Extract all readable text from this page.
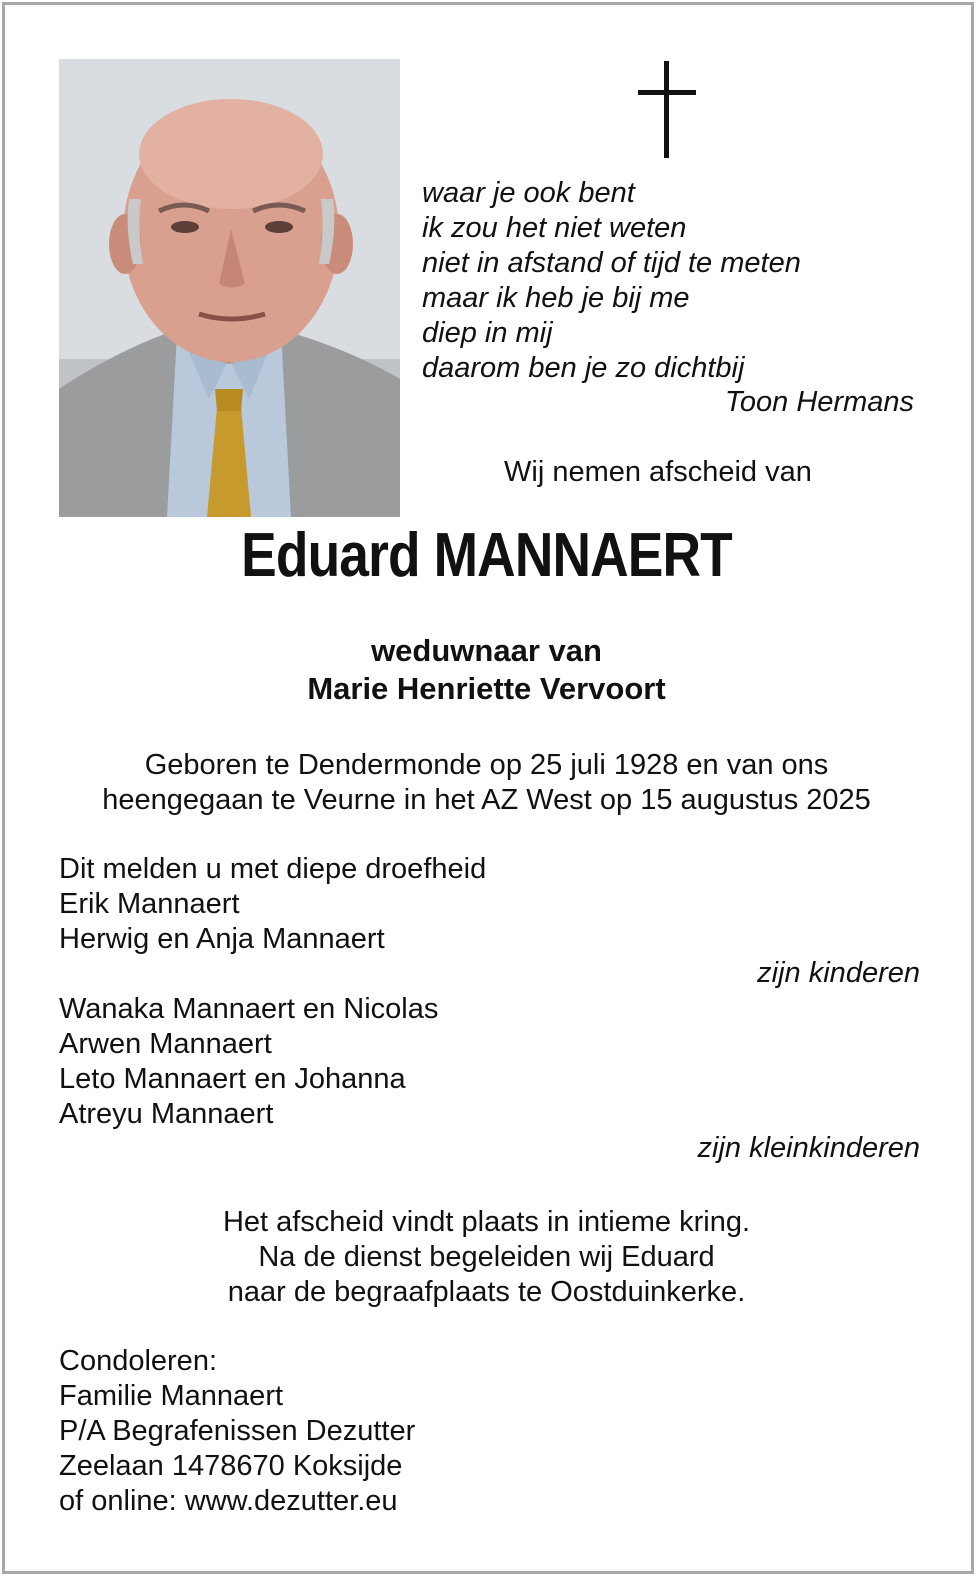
waar je ook bent
ik zou het niet weten
niet in afstand of tijd te meten
maar ik heb je bij me
diep in mij
daarom ben je zo dichtbij
Toon Hermans
Wij nemen afscheid van
Eduard MANNAERT
weduwnaar van
Marie Henriette Vervoort
Geboren te Dendermonde op 25 juli 1928 en van ons
heengegaan te Veurne in het AZ West op 15 augustus 2025
Dit melden u met diepe droefheid
Erik Mannaert
Herwig en Anja Mannaert
zijn kinderen
Wanaka Mannaert en Nicolas
Arwen Mannaert
Leto Mannaert en Johanna
Atreyu Mannaert
zijn kleinkinderen
Het afscheid vindt plaats in intieme kring.
Na de dienst begeleiden wij Eduard
naar de begraafplaats te Oostduinkerke.
Condoleren:
Familie Mannaert
P/A Begrafenissen Dezutter
Zeelaan 1478670 Koksijde
of online: www.dezutter.eu
